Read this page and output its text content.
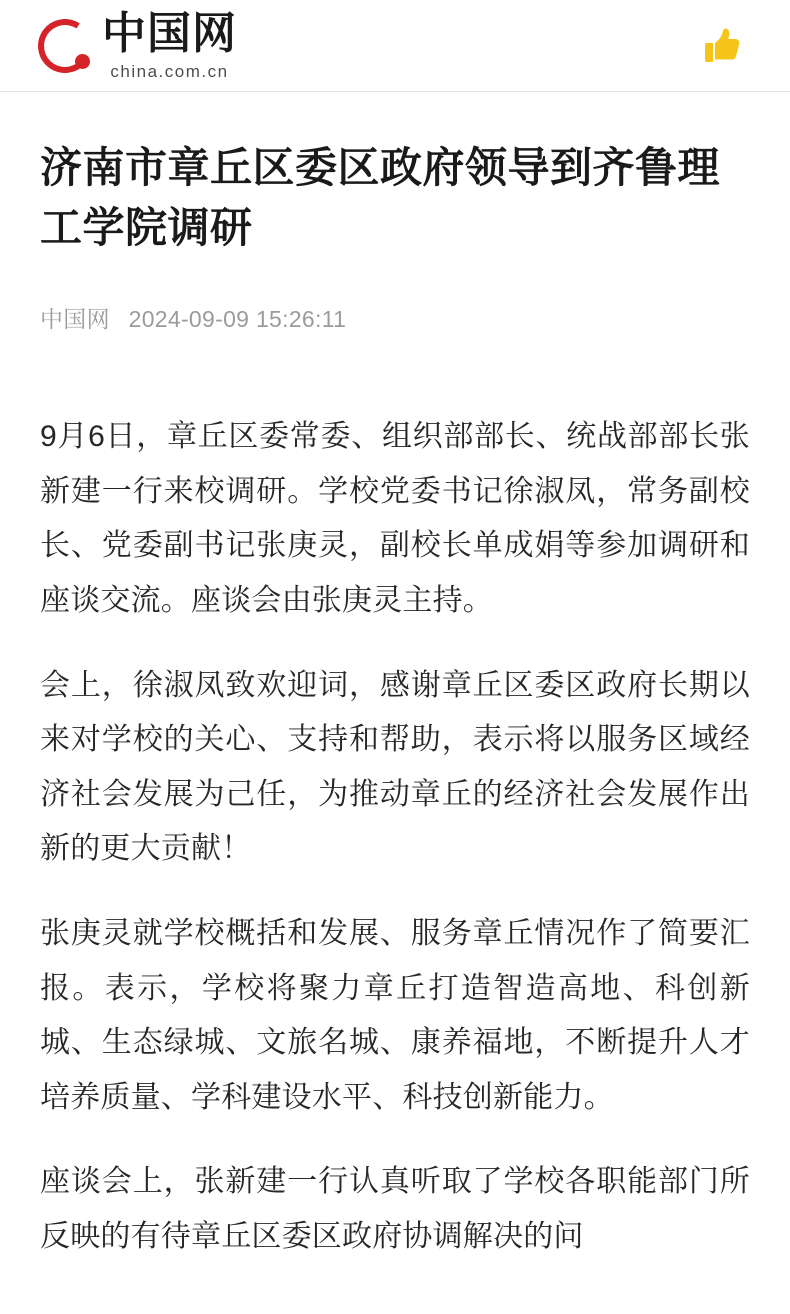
中国网
china.com.cn
济南市章丘区委区政府领导到齐鲁理工学院调研
中国网 2024-09-09 15:26:11

9月6日，章丘区委常委、组织部部长、统战部部长张新建一行来校调研。学校党委书记徐淑凤，常务副校长、党委副书记张庚灵，副校长单成娟等参加调研和座谈交流。座谈会由张庚灵主持。

会上，徐淑凤致欢迎词，感谢章丘区委区政府长期以来对学校的关心、支持和帮助，表示将以服务区域经济社会发展为己任，为推动章丘的经济社会发展作出新的更大贡献！

张庚灵就学校概括和发展、服务章丘情况作了简要汇报。表示，学校将聚力章丘打造智造高地、科创新城、生态绿城、文旅名城、康养福地，不断提升人才培养质量、学科建设水平、科技创新能力。

座谈会上，张新建一行认真听取了学校各职能部门所反映的有待章丘区委区政府协调解决的问
